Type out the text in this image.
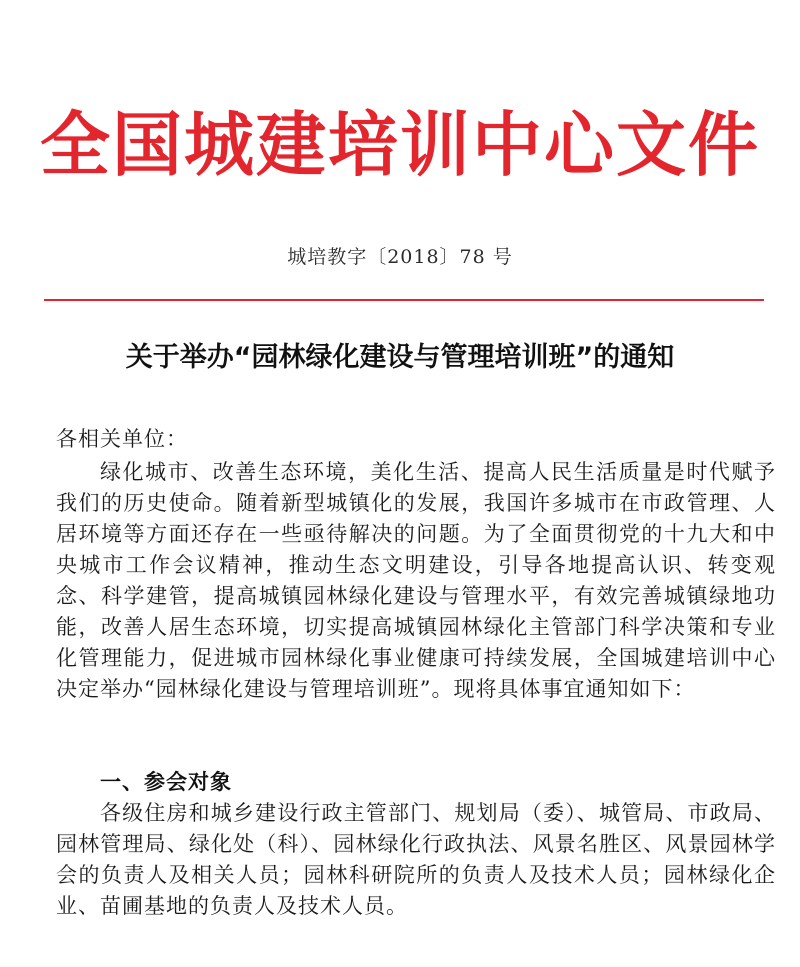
全国城建培训中心文件
城培教字〔2018〕78 号
关于举办“园林绿化建设与管理培训班”的通知
各相关单位：
绿化城市、改善生态环境，美化生活、提高人民生活质量是时代赋予我们的历史使命。随着新型城镇化的发展，我国许多城市在市政管理、人居环境等方面还存在一些亟待解决的问题。为了全面贯彻党的十九大和中央城市工作会议精神，推动生态文明建设，引导各地提高认识、转变观念、科学建管，提高城镇园林绿化建设与管理水平，有效完善城镇绿地功能，改善人居生态环境，切实提高城镇园林绿化主管部门科学决策和专业化管理能力，促进城市园林绿化事业健康可持续发展，全国城建培训中心决定举办“园林绿化建设与管理培训班”。现将具体事宜通知如下：
一、参会对象
各级住房和城乡建设行政主管部门、规划局（委）、城管局、市政局、园林管理局、绿化处（科）、园林绿化行政执法、风景名胜区、风景园林学会的负责人及相关人员；园林科研院所的负责人及技术人员；园林绿化企业、苗圃基地的负责人及技术人员。
